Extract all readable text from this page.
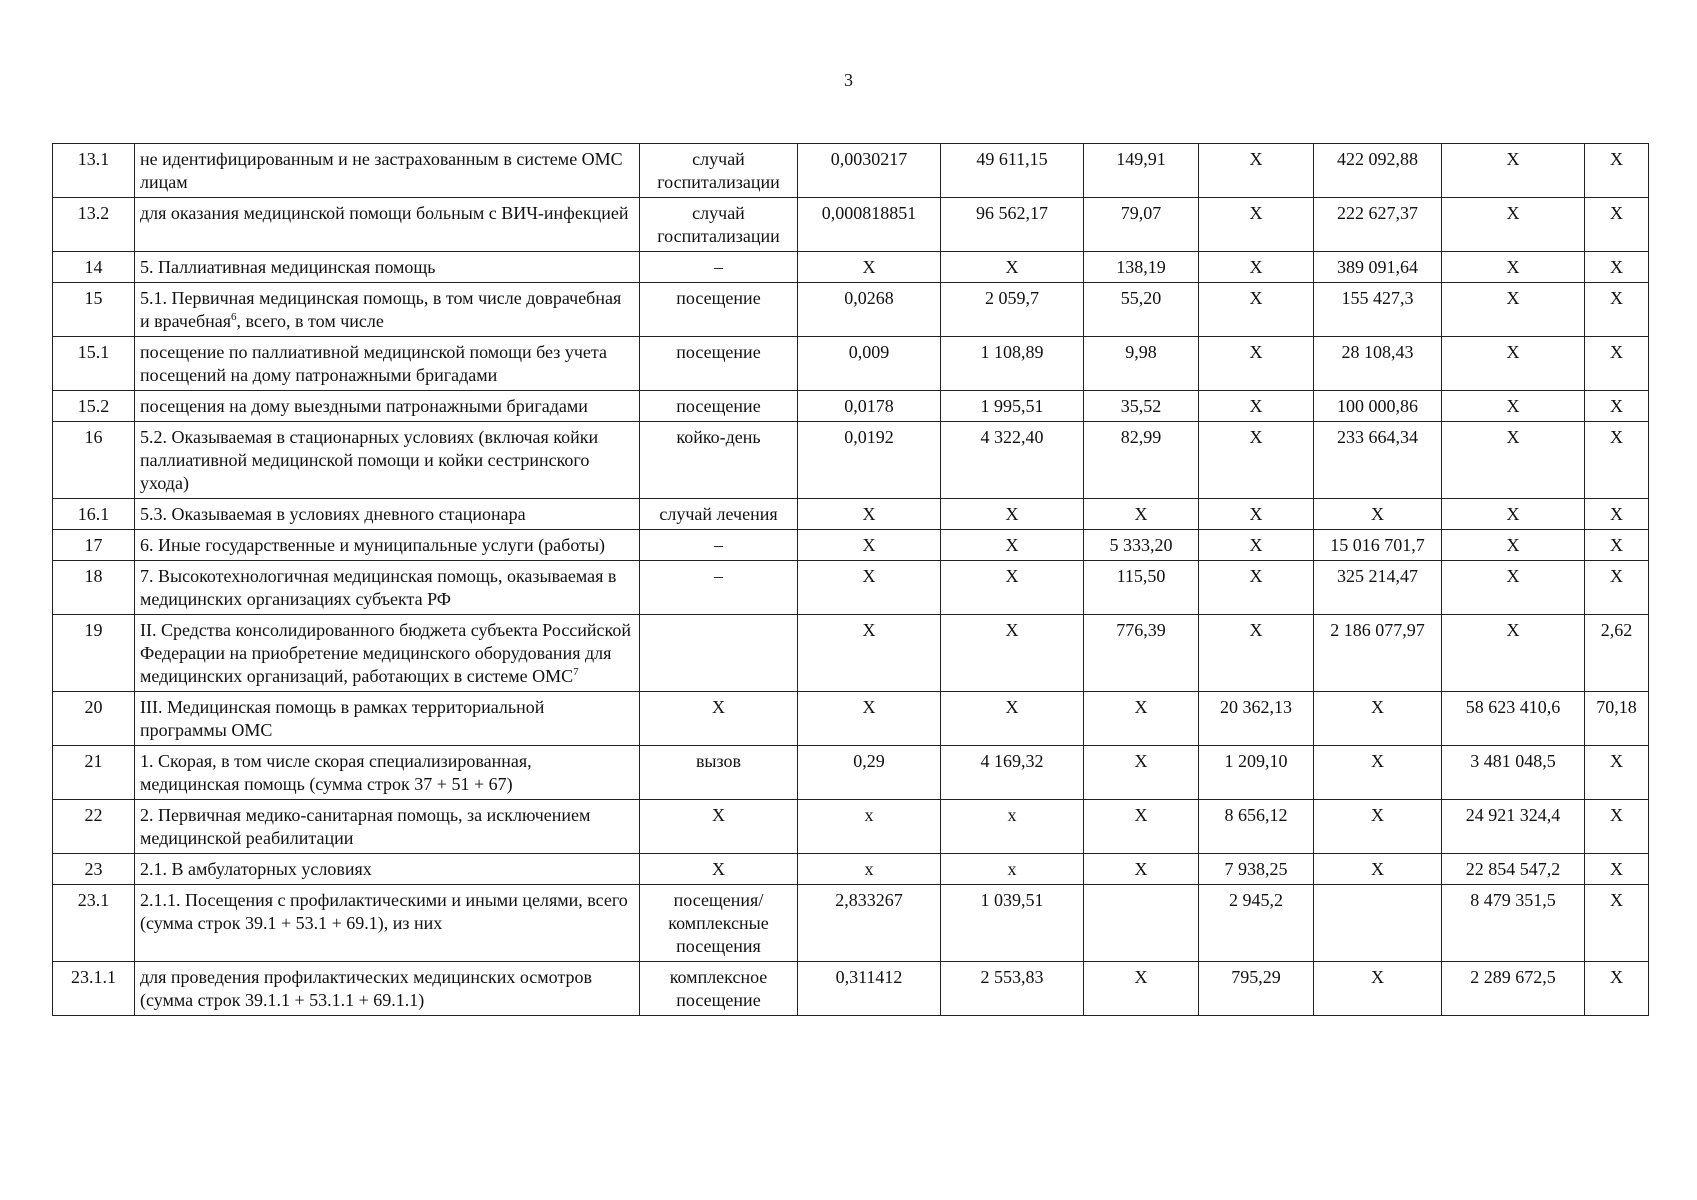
3
13.1	не идентифицированным и не застрахованным в системе ОМС лицам	случай госпитализации	0,0030217	49 611,15	149,91	X	422 092,88	X	X
13.2	для оказания медицинской помощи больным с ВИЧ-инфекцией	случай госпитализации	0,000818851	96 562,17	79,07	X	222 627,37	X	X
14	5. Паллиативная медицинская помощь	–	X	X	138,19	X	389 091,64	X	X
15	5.1. Первичная медицинская помощь, в том числе доврачебная и врачебная$^6$, всего, в том числе	посещение	0,0268	2 059,7	55,20	X	155 427,3	X	X
15.1	посещение по паллиативной медицинской помощи без учета посещений на дому патронажными бригадами	посещение	0,009	1 108,89	9,98	X	28 108,43	X	X
15.2	посещения на дому выездными патронажными бригадами	посещение	0,0178	1 995,51	35,52	X	100 000,86	X	X
16	5.2. Оказываемая в стационарных условиях (включая койки паллиативной медицинской помощи и койки сестринского ухода)	койко-день	0,0192	4 322,40	82,99	X	233 664,34	X	X
16.1	5.3. Оказываемая в условиях дневного стационара	случай лечения	X	X	X	X	X	X	X
17	6. Иные государственные и муниципальные услуги (работы)	–	X	X	5 333,20	X	15 016 701,7	X	X
18	7. Высокотехнологичная медицинская помощь, оказываемая в медицинских организациях субъекта РФ	–	X	X	115,50	X	325 214,47	X	X
19	II. Средства консолидированного бюджета субъекта Российской Федерации на приобретение медицинского оборудования для медицинских организаций, работающих в системе ОМС$^7$		X	X	776,39	X	2 186 077,97	X	2,62
20	III. Медицинская помощь в рамках территориальной программы ОМС	X	X	X	X	20 362,13	X	58 623 410,6	70,18
21	1. Скорая, в том числе скорая специализированная, медицинская помощь (сумма строк 37 + 51 + 67)	вызов	0,29	4 169,32	X	1 209,10	X	3 481 048,5	X
22	2. Первичная медико-санитарная помощь, за исключением медицинской реабилитации	X	x	x	X	8 656,12	X	24 921 324,4	X
23	2.1. В амбулаторных условиях	X	x	x	X	7 938,25	X	22 854 547,2	X
23.1	2.1.1. Посещения с профилактическими и иными целями, всего (сумма строк 39.1 + 53.1 + 69.1), из них	посещения/ комплексные посещения	2,833267	1 039,51		2 945,2		8 479 351,5	X
23.1.1	для проведения профилактических медицинских осмотров (сумма строк 39.1.1 + 53.1.1 + 69.1.1)	комплексное посещение	0,311412	2 553,83	X	795,29	X	2 289 672,5	X
